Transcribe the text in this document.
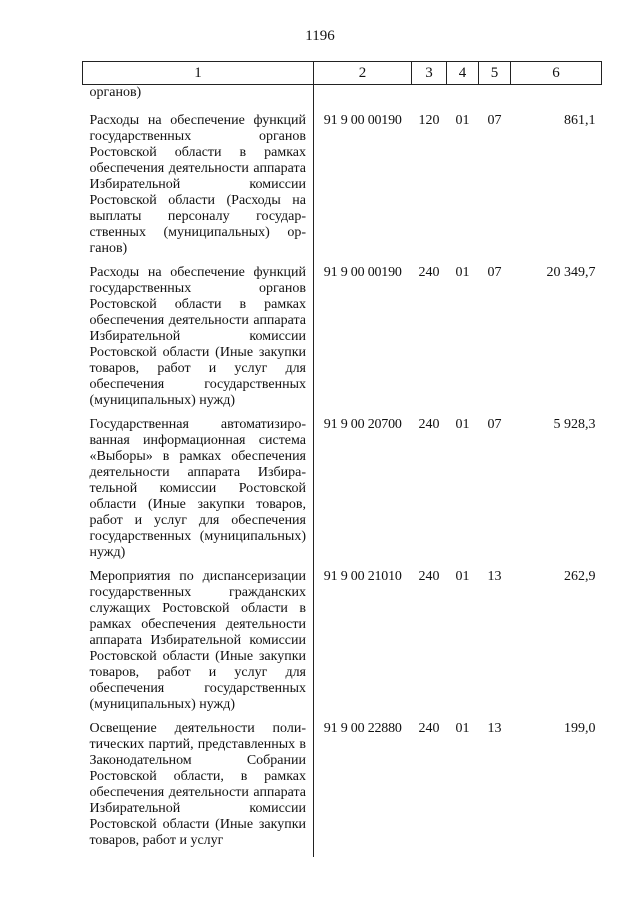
1196
1	2	3	4	5	6
органов)					
Расходы на обеспечение функций государственных органов Ростовской области в рамках обеспечения деятельности аппарата Избирательной комиссии Ростовской области (Расходы на выплаты персоналу государственных (муниципальных) органов)	91 9 00 00190	120	01	07	861,1
Расходы на обеспечение функций государственных органов Ростовской области в рамках обеспечения деятельности аппарата Избирательной комиссии Ростовской области (Иные закупки товаров, работ и услуг для обеспечения государственных (муниципальных) нужд)	91 9 00 00190	240	01	07	20 349,7
Государственная автоматизированная информационная система «Выборы» в рамках обеспечения деятельности аппарата Избирательной комиссии Ростовской области (Иные закупки товаров, работ и услуг для обеспечения государственных (муниципальных) нужд)	91 9 00 20700	240	01	07	5 928,3
Мероприятия по диспансеризации государственных гражданских служащих Ростовской области в рамках обеспечения деятельности аппарата Избирательной комиссии Ростовской области (Иные закупки товаров, работ и услуг для обеспечения государственных (муниципальных) нужд)	91 9 00 21010	240	01	13	262,9
Освещение деятельности политических партий, представленных в Законодательном Собрании Ростовской области, в рамках обеспечения деятельности аппарата Избирательной комиссии Ростовской области (Иные закупки товаров, работ и услуг	91 9 00 22880	240	01	13	199,0
